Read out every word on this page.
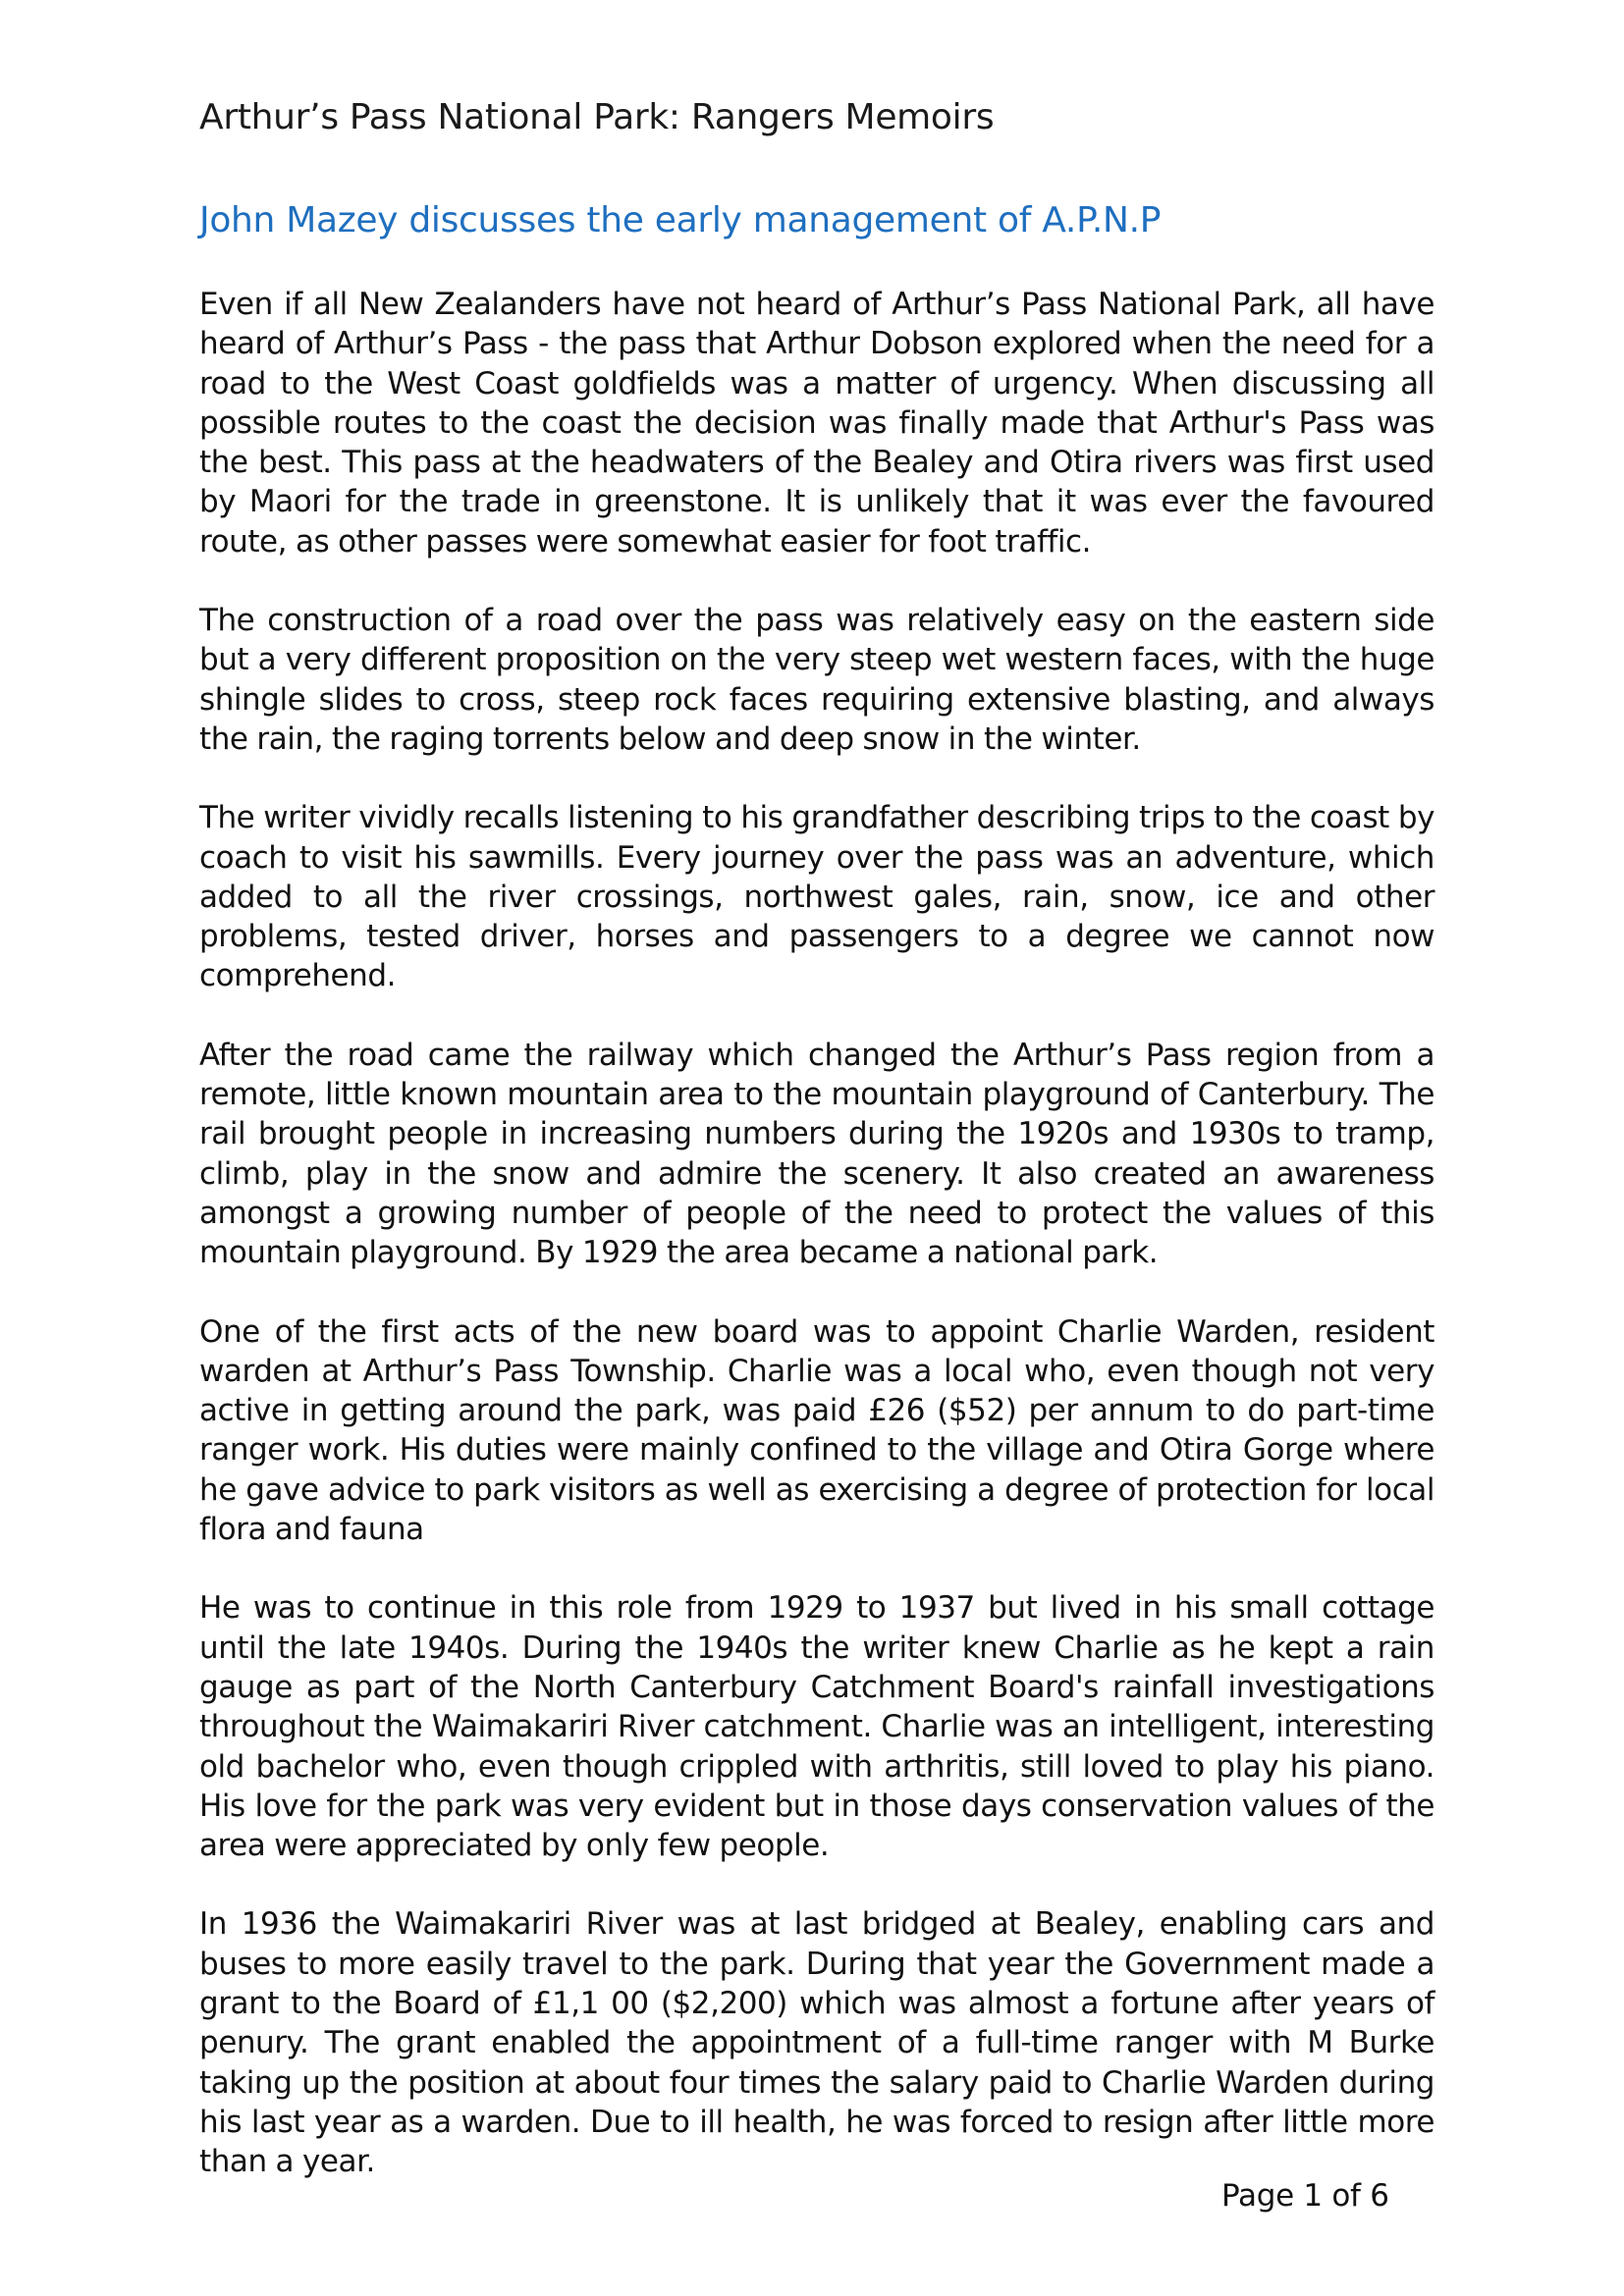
Arthur’s Pass National Park: Rangers Memoirs
John Mazey discusses the early management of A.P.N.P

Even if all New Zealanders have not heard of Arthur’s Pass National Park, all have heard of Arthur’s Pass - the pass that Arthur Dobson explored when the need for a road to the West Coast goldfields was a matter of urgency. When discussing all possible routes to the coast the decision was finally made that Arthur's Pass was the best. This pass at the headwaters of the Bealey and Otira rivers was first used by Maori for the trade in greenstone. It is unlikely that it was ever the favoured route, as other passes were somewhat easier for foot traffic.

The construction of a road over the pass was relatively easy on the eastern side but a very different proposition on the very steep wet western faces, with the huge shingle slides to cross, steep rock faces requiring extensive blasting, and always the rain, the raging torrents below and deep snow in the winter.

The writer vividly recalls listening to his grandfather describing trips to the coast by coach to visit his sawmills. Every journey over the pass was an adventure, which added to all the river crossings, northwest gales, rain, snow, ice and other problems, tested driver, horses and passengers to a degree we cannot now comprehend.

After the road came the railway which changed the Arthur’s Pass region from a remote, little known mountain area to the mountain playground of Canterbury. The rail brought people in increasing numbers during the 1920s and 1930s to tramp, climb, play in the snow and admire the scenery. It also created an awareness amongst a growing number of people of the need to protect the values of this mountain playground. By 1929 the area became a national park.

One of the first acts of the new board was to appoint Charlie Warden, resident warden at Arthur’s Pass Township. Charlie was a local who, even though not very active in getting around the park, was paid £26 ($52) per annum to do part-time ranger work. His duties were mainly confined to the village and Otira Gorge where he gave advice to park visitors as well as exercising a degree of protection for local flora and fauna

He was to continue in this role from 1929 to 1937 but lived in his small cottage until the late 1940s. During the 1940s the writer knew Charlie as he kept a rain gauge as part of the North Canterbury Catchment Board's rainfall investigations throughout the Waimakariri River catchment. Charlie was an intelligent, interesting old bachelor who, even though crippled with arthritis, still loved to play his piano. His love for the park was very evident but in those days conservation values of the area were appreciated by only few people.

In 1936 the Waimakariri River was at last bridged at Bealey, enabling cars and buses to more easily travel to the park. During that year the Government made a grant to the Board of £1,1 00 ($2,200) which was almost a fortune after years of penury. The grant enabled the appointment of a full-time ranger with M Burke taking up the position at about four times the salary paid to Charlie Warden during his last year as a warden. Due to ill health, he was forced to resign after little more than a year.

Page 1 of 6
